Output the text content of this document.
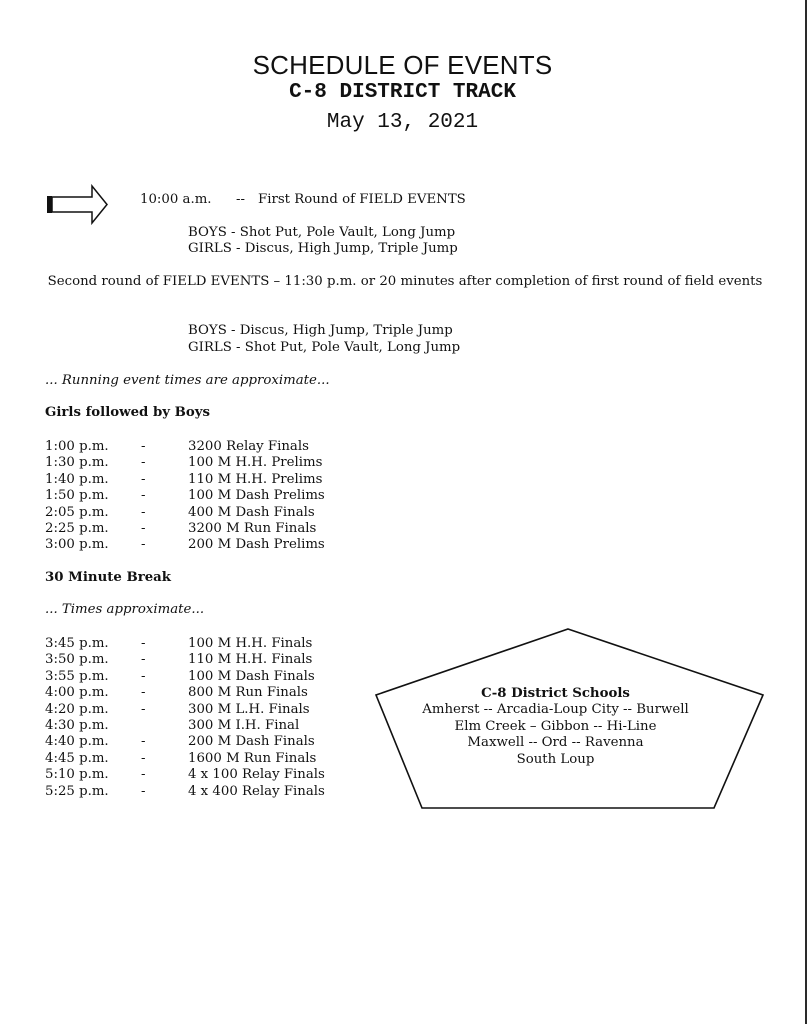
SCHEDULE OF EVENTS
C-8 DISTRICT TRACK
May 13, 2021
10:00 a.m. -- First Round of FIELD EVENTS
BOYS - Shot Put, Pole Vault, Long Jump
GIRLS - Discus, High Jump, Triple Jump
Second round of FIELD EVENTS – 11:30 p.m. or 20 minutes after completion of first round of field events
BOYS - Discus, High Jump, Triple Jump
GIRLS - Shot Put, Pole Vault, Long Jump
... Running event times are approximate...
Girls followed by Boys
1:00 p.m. -	3200 Relay Finals
1:30 p.m. -	100 M H.H. Prelims
1:40 p.m. -	110 M H.H. Prelims
1:50 p.m. -	100 M Dash Prelims
2:05 p.m. -	400 M Dash Finals
2:25 p.m. -	3200 M Run Finals
3:00 p.m. -	200 M Dash Prelims
30 Minute Break
... Times approximate...
3:45 p.m. -	100 M H.H. Finals
3:50 p.m. -	110 M H.H. Finals
3:55 p.m. -	100 M Dash Finals
4:00 p.m. -	800 M Run Finals
4:20 p.m. -	300 M L.H. Finals
4:30 p.m.	300 M I.H. Final
4:40 p.m. -	200 M Dash Finals
4:45 p.m. -	1600 M Run Finals
5:10 p.m. -	4 x 100 Relay Finals
5:25 p.m. -	4 x 400 Relay Finals
C-8 District Schools
Amherst -- Arcadia-Loup City -- Burwell
Elm Creek – Gibbon -- Hi-Line
Maxwell -- Ord -- Ravenna
South Loup
